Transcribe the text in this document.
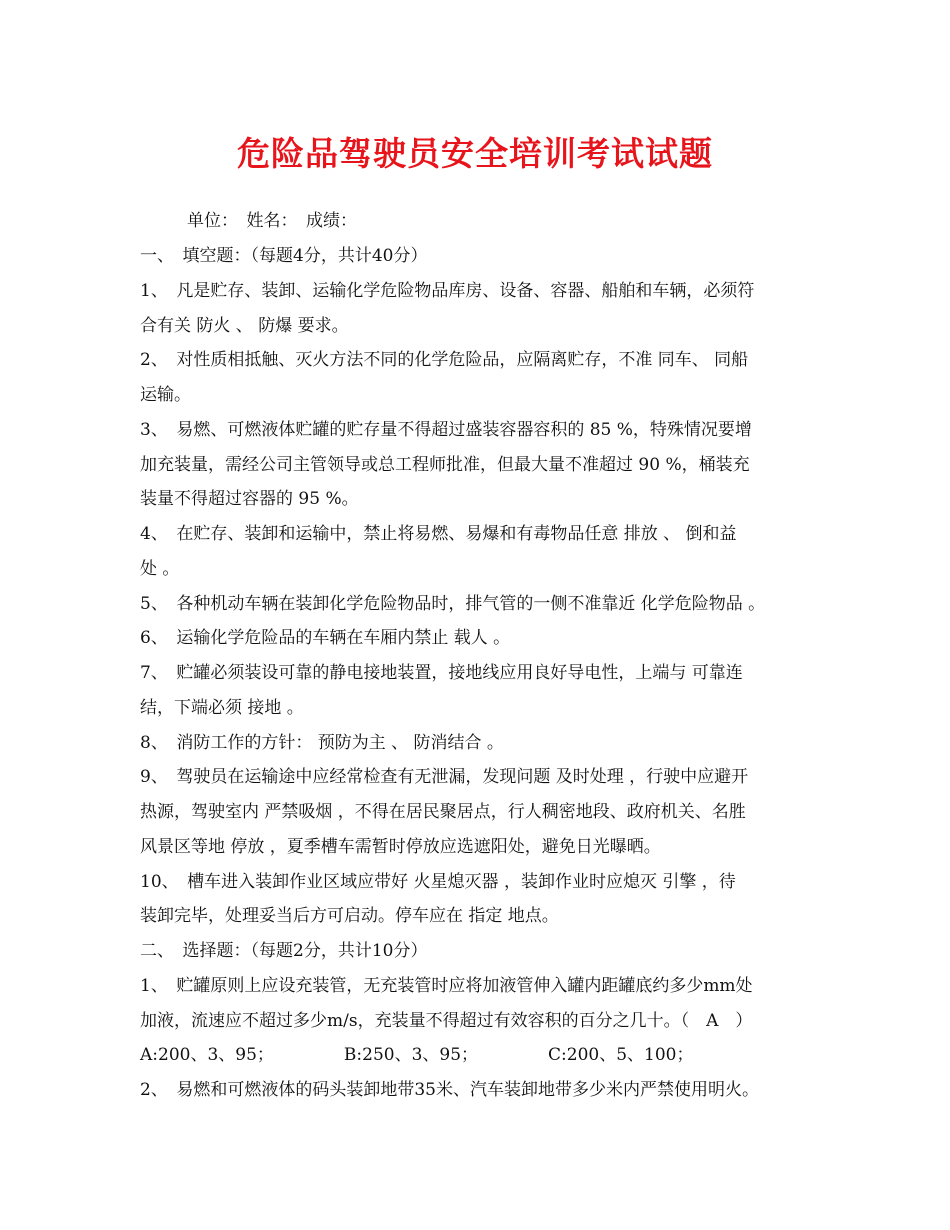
危险品驾驶员安全培训考试试题
单位：　姓名：　成绩：
一、　填空题：（每题4分，共计40分）
1、　凡是贮存、装卸、运输化学危险物品库房、设备、容器、船舶和车辆，必须符
合有关 防火 、 防爆 要求。
2、　对性质相抵触、灭火方法不同的化学危险品，应隔离贮存，不准 同车、 同船
运输。
3、　易燃、可燃液体贮罐的贮存量不得超过盛装容器容积的 85 %，特殊情况要增
加充装量，需经公司主管领导或总工程师批准，但最大量不准超过 90 %，桶装充
装量不得超过容器的 95 %。
4、　在贮存、装卸和运输中，禁止将易燃、易爆和有毒物品任意 排放 、 倒和益
处 。
5、　各种机动车辆在装卸化学危险物品时，排气管的一侧不准靠近 化学危险物品 。
6、　运输化学危险品的车辆在车厢内禁止 载人 。
7、　贮罐必须装设可靠的静电接地装置，接地线应用良好导电性，上端与 可靠连
结，下端必须 接地 。
8、　消防工作的方针： 预防为主 、 防消结合 。
9、　驾驶员在运输途中应经常检查有无泄漏，发现问题 及时处理 ，行驶中应避开
热源，驾驶室内 严禁吸烟 ，不得在居民聚居点，行人稠密地段、政府机关、名胜
风景区等地 停放 ，夏季槽车需暂时停放应选遮阳处，避免日光曝晒。
10、　槽车进入装卸作业区域应带好 火星熄灭器 ，装卸作业时应熄灭 引擎 ，待
装卸完毕，处理妥当后方可启动。停车应在 指定 地点。
二、　选择题：（每题2分，共计10分）
1、　贮罐原则上应设充装管，无充装管时应将加液管伸入罐内距罐底约多少mm处
加液，流速应不超过多少m/s，充装量不得超过有效容积的百分之几十。（　A　）
A:200、3、95；	B:250、3、95；	C:200、5、100；
2、　易燃和可燃液体的码头装卸地带35米、汽车装卸地带多少米内严禁使用明火。
